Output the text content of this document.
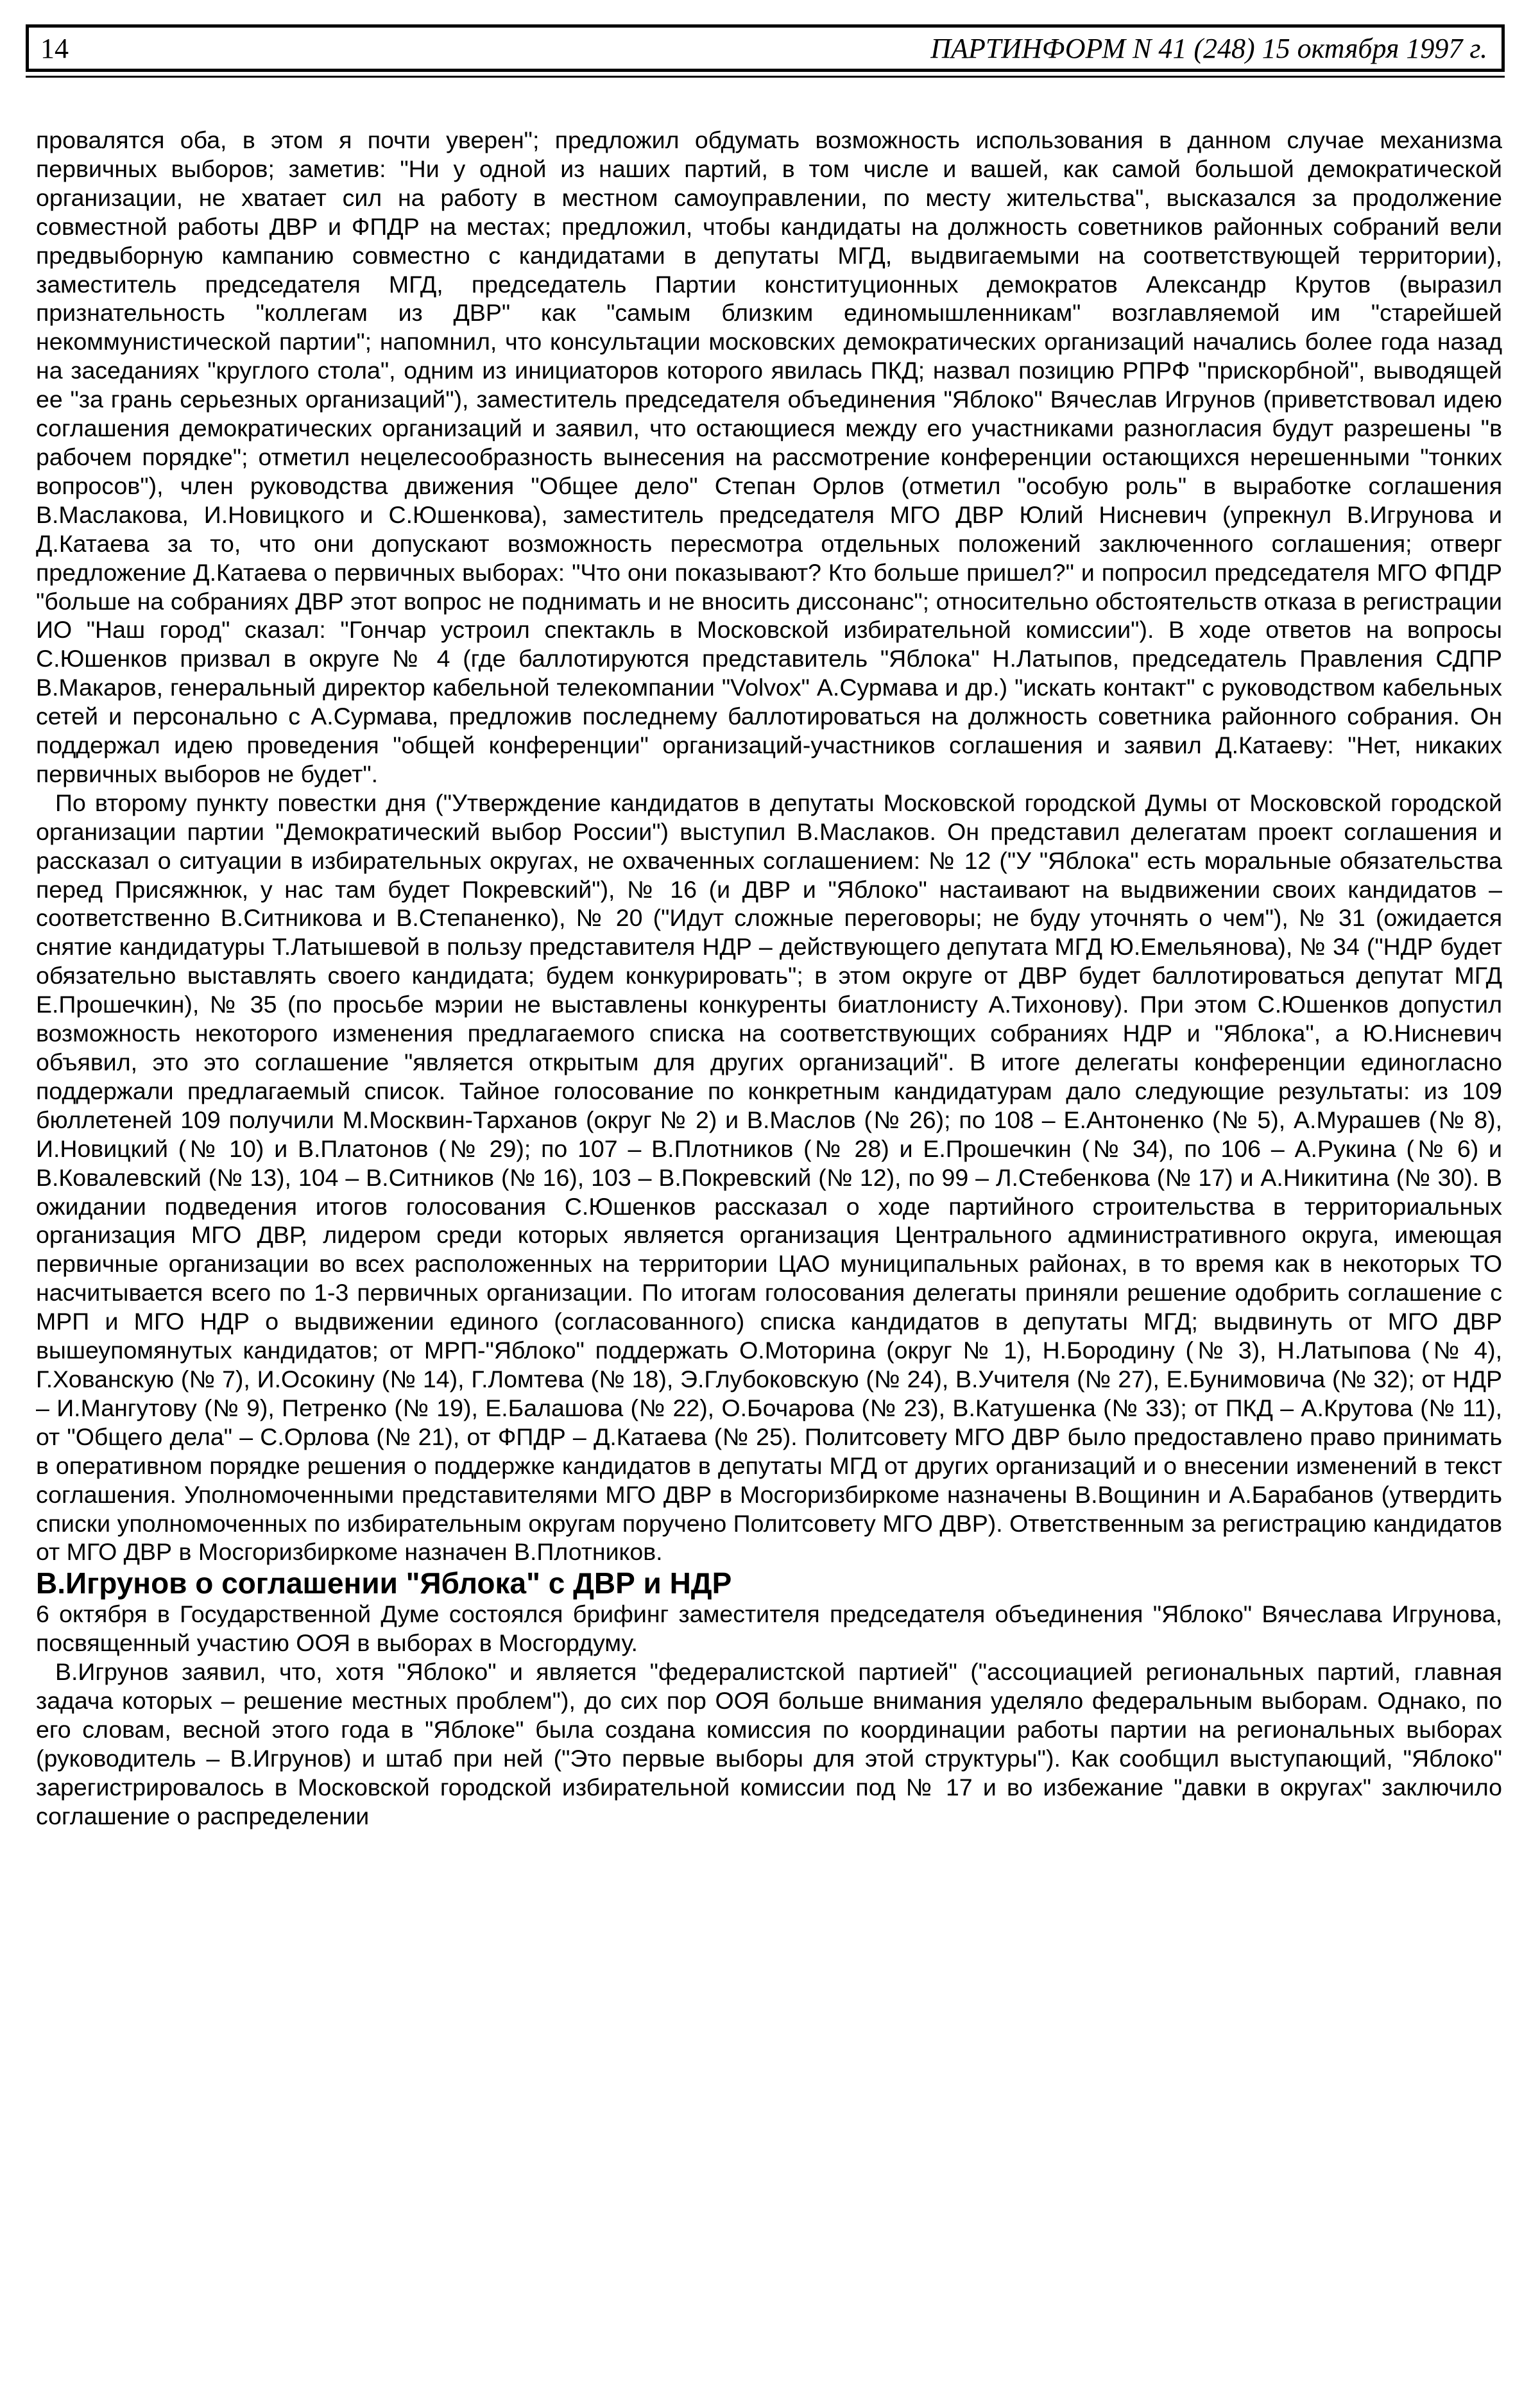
14	ПАРТИНФОРМ N 41 (248) 15 октября 1997 г.

провалятся оба, в этом я почти уверен"; предложил обдумать возможность использования в данном случае механизма первичных выборов; заметив: "Ни у одной из наших партий, в том числе и вашей, как самой большой демократической организации, не хватает сил на работу в местном самоуправлении, по месту жительства", высказался за продолжение совместной работы ДВР и ФПДР на местах; предложил, чтобы кандидаты на должность советников районных собраний вели предвыборную кампанию совместно с кандидатами в депутаты МГД, выдвигаемыми на соответствующей территории), заместитель председателя МГД, председатель Партии конституционных демократов Александр Крутов (выразил признательность "коллегам из ДВР" как "самым близким единомышленникам" возглавляемой им "старейшей некоммунистической партии"; напомнил, что консультации московских демократических организаций начались более года назад на заседаниях "круглого стола", одним из инициаторов которого явилась ПКД; назвал позицию РПРФ "прискорбной", выводящей ее "за грань серьезных организаций"), заместитель председателя объединения "Яблоко" Вячеслав Игрунов (приветствовал идею соглашения демократических организаций и заявил, что остающиеся между его участниками разногласия будут разрешены "в рабочем порядке"; отметил нецелесообразность вынесения на рассмотрение конференции остающихся нерешенными "тонких вопросов"), член руководства движения "Общее дело" Степан Орлов (отметил "особую роль" в выработке соглашения В.Маслакова, И.Новицкого и С.Юшенкова), заместитель председателя МГО ДВР Юлий Нисневич (упрекнул В.Игрунова и Д.Катаева за то, что они допускают возможность пересмотра отдельных положений заключенного соглашения; отверг предложение Д.Катаева о первичных выборах: "Что они показывают? Кто больше пришел?" и попросил председателя МГО ФПДР "больше на собраниях ДВР этот вопрос не поднимать и не вносить диссонанс"; относительно обстоятельств отказа в регистрации ИО "Наш город" сказал: "Гончар устроил спектакль в Московской избирательной комиссии"). В ходе ответов на вопросы С.Юшенков призвал в округе № 4 (где баллотируются представитель "Яблока" Н.Латыпов, председатель Правления СДПР В.Макаров, генеральный директор кабельной телекомпании "Volvox" А.Сурмава и др.) "искать контакт" с руководством кабельных сетей и персонально с А.Сурмава, предложив последнему баллотироваться на должность советника районного собрания. Он поддержал идею проведения "общей конференции" организаций-участников соглашения и заявил Д.Катаеву: "Нет, никаких первичных выборов не будет".

По второму пункту повестки дня ("Утверждение кандидатов в депутаты Московской городской Думы от Московской городской организации партии "Демократический выбор России") выступил В.Маслаков. Он представил делегатам проект соглашения и рассказал о ситуации в избирательных округах, не охваченных соглашением: № 12 ("У "Яблока" есть моральные обязательства перед Присяжнюк, у нас там будет Покревский"), № 16 (и ДВР и "Яблоко" настаивают на выдвижении своих кандидатов – соответственно В.Ситникова и В.Степаненко), № 20 ("Идут сложные переговоры; не буду уточнять о чем"), № 31 (ожидается снятие кандидатуры Т.Латышевой в пользу представителя НДР – действующего депутата МГД Ю.Емельянова), № 34 ("НДР будет обязательно выставлять своего кандидата; будем конкурировать"; в этом округе от ДВР будет баллотироваться депутат МГД Е.Прошечкин), № 35 (по просьбе мэрии не выставлены конкуренты биатлонисту А.Тихонову). При этом С.Юшенков допустил возможность некоторого изменения предлагаемого списка на соответствующих собраниях НДР и "Яблока", а Ю.Нисневич объявил, это это соглашение "является открытым для других организаций". В итоге делегаты конференции единогласно поддержали предлагаемый список. Тайное голосование по конкретным кандидатурам дало следующие результаты: из 109 бюллетеней 109 получили М.Москвин-Тарханов (округ № 2) и В.Маслов (№ 26); по 108 – Е.Антоненко (№ 5), А.Мурашев (№ 8), И.Новицкий (№ 10) и В.Платонов (№ 29); по 107 – В.Плотников (№ 28) и Е.Прошечкин (№ 34), по 106 – А.Рукина (№ 6) и В.Ковалевский (№ 13), 104 – В.Ситников (№ 16), 103 – В.Покревский (№ 12), по 99 – Л.Стебенкова (№ 17) и А.Никитина (№ 30). В ожидании подведения итогов голосования С.Юшенков рассказал о ходе партийного строительства в территориальных организация МГО ДВР, лидером среди которых является организация Центрального административного округа, имеющая первичные организации во всех расположенных на территории ЦАО муниципальных районах, в то время как в некоторых ТО насчитывается всего по 1-3 первичных организации. По итогам голосования делегаты приняли решение одобрить соглашение с МРП и МГО НДР о выдвижении единого (согласованного) списка кандидатов в депутаты МГД; выдвинуть от МГО ДВР вышеупомянутых кандидатов; от МРП-"Яблоко" поддержать О.Моторина (округ № 1), Н.Бородину (№ 3), Н.Латыпова (№ 4), Г.Хованскую (№ 7), И.Осокину (№ 14), Г.Ломтева (№ 18), Э.Глубоковскую (№ 24), В.Учителя (№ 27), Е.Бунимовича (№ 32); от НДР – И.Мангутову (№ 9), Петренко (№ 19), Е.Балашова (№ 22), О.Бочарова (№ 23), В.Катушенка (№ 33); от ПКД – А.Крутова (№ 11), от "Общего дела" – С.Орлова (№ 21), от ФПДР – Д.Катаева (№ 25). Политсовету МГО ДВР было предоставлено право принимать в оперативном порядке решения о поддержке кандидатов в депутаты МГД от других организаций и о внесении изменений в текст соглашения. Уполномоченными представителями МГО ДВР в Мосгоризбиркоме назначены В.Вощинин и А.Барабанов (утвердить списки уполномоченных по избирательным округам поручено Политсовету МГО ДВР). Ответственным за регистрацию кандидатов от МГО ДВР в Мосгоризбиркоме назначен В.Плотников.

В.Игрунов о соглашении "Яблока" с ДВР и НДР

6 октября в Государственной Думе состоялся брифинг заместителя председателя объединения "Яблоко" Вячеслава Игрунова, посвященный участию ООЯ в выборах в Мосгордуму.

В.Игрунов заявил, что, хотя "Яблоко" и является "федералистской партией" ("ассоциацией региональных партий, главная задача которых – решение местных проблем"), до сих пор ООЯ больше внимания уделяло федеральным выборам. Однако, по его словам, весной этого года в "Яблоке" была создана комиссия по координации работы партии на региональных выборах (руководитель – В.Игрунов) и штаб при ней ("Это первые выборы для этой структуры"). Как сообщил выступающий, "Яблоко" зарегистрировалось в Московской городской избирательной комиссии под № 17 и во избежание "давки в округах" заключило соглашение о распределении
